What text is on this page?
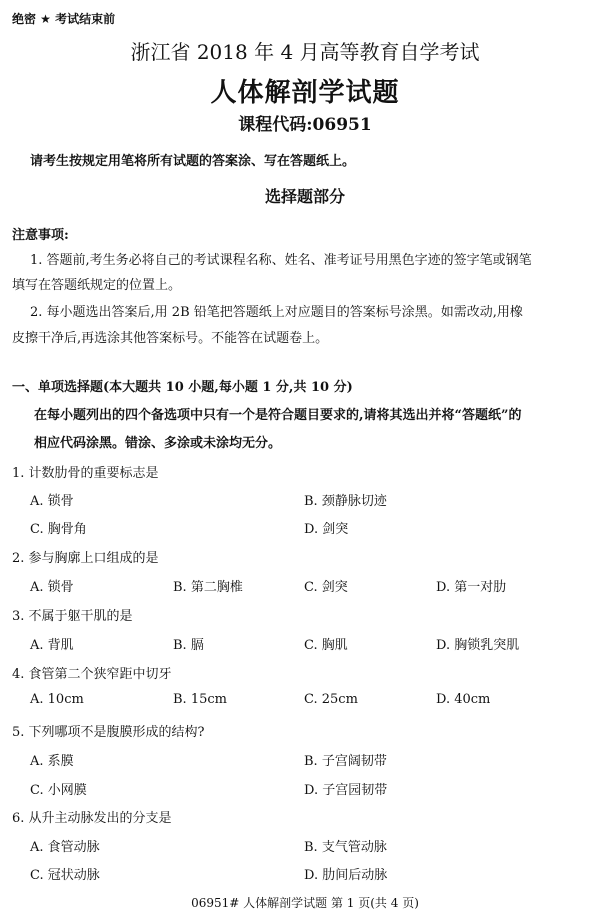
绝密 ★ 考试结束前
浙江省 2018 年 4 月高等教育自学考试
人体解剖学试题
课程代码:06951
请考生按规定用笔将所有试题的答案涂、写在答题纸上。
选择题部分
注意事项:
1. 答题前,考生务必将自己的考试课程名称、姓名、准考证号用黑色字迹的签字笔或钢笔
填写在答题纸规定的位置上。
2. 每小题选出答案后,用 2B 铅笔把答题纸上对应题目的答案标号涂黑。如需改动,用橡
皮擦干净后,再选涂其他答案标号。不能答在试题卷上。
一、单项选择题(本大题共 10 小题,每小题 1 分,共 10 分)
在每小题列出的四个备选项中只有一个是符合题目要求的,请将其选出并将“答题纸”的
相应代码涂黑。错涂、多涂或未涂均无分。
1. 计数肋骨的重要标志是
A. 锁骨	B. 颈静脉切迹
C. 胸骨角	D. 剑突
2. 参与胸廓上口组成的是
A. 锁骨	B. 第二胸椎	C. 剑突	D. 第一对肋
3. 不属于躯干肌的是
A. 背肌	B. 膈	C. 胸肌	D. 胸锁乳突肌
4. 食管第二个狭窄距中切牙
A. 10cm	B. 15cm	C. 25cm	D. 40cm
5. 下列哪项不是腹膜形成的结构?
A. 系膜	B. 子宫阔韧带
C. 小网膜	D. 子宫园韧带
6. 从升主动脉发出的分支是
A. 食管动脉	B. 支气管动脉
C. 冠状动脉	D. 肋间后动脉
06951# 人体解剖学试题 第 1 页(共 4 页)
